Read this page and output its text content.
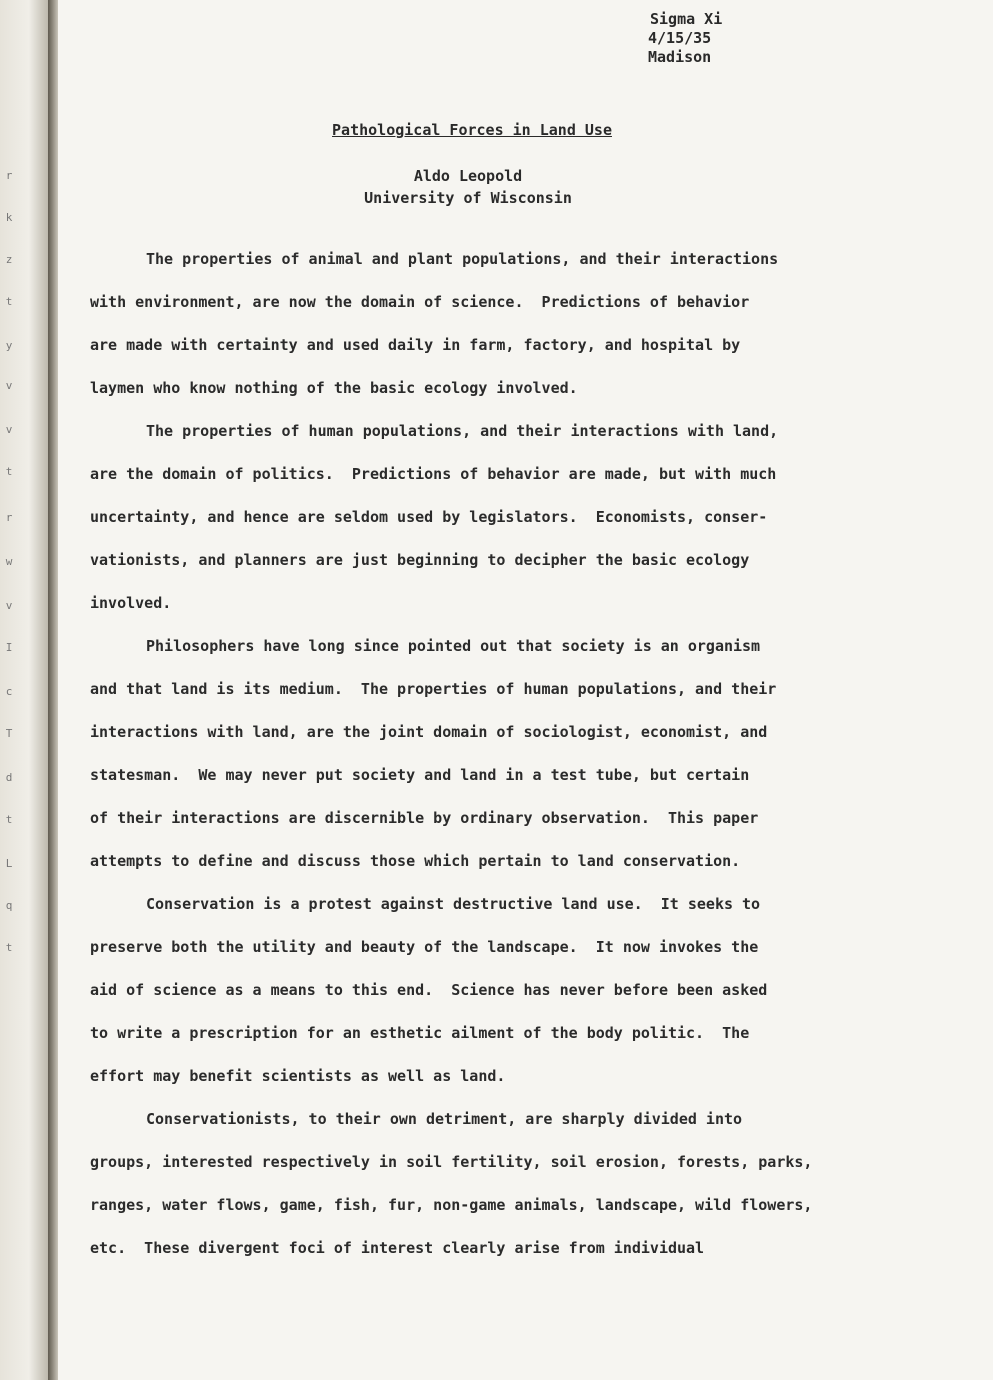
r
k
z
t
y
v
v
t
r
w
v
I
c
T
d
t
L
q
t
Sigma Xi
4/15/35
Madison
Pathological Forces in Land Use
Aldo Leopold
University of Wisconsin
The properties of animal and plant populations, and their interactions
with environment, are now the domain of science.  Predictions of behavior
are made with certainty and used daily in farm, factory, and hospital by
laymen who know nothing of the basic ecology involved.
The properties of human populations, and their interactions with land,
are the domain of politics.  Predictions of behavior are made, but with much
uncertainty, and hence are seldom used by legislators.  Economists, conser-
vationists, and planners are just beginning to decipher the basic ecology
involved.
Philosophers have long since pointed out that society is an organism
and that land is its medium.  The properties of human populations, and their
interactions with land, are the joint domain of sociologist, economist, and
statesman.  We may never put society and land in a test tube, but certain
of their interactions are discernible by ordinary observation.  This paper
attempts to define and discuss those which pertain to land conservation.
Conservation is a protest against destructive land use.  It seeks to
preserve both the utility and beauty of the landscape.  It now invokes the
aid of science as a means to this end.  Science has never before been asked
to write a prescription for an esthetic ailment of the body politic.  The
effort may benefit scientists as well as land.
Conservationists, to their own detriment, are sharply divided into
groups, interested respectively in soil fertility, soil erosion, forests, parks,
ranges, water flows, game, fish, fur, non-game animals, landscape, wild flowers,
etc.  These divergent foci of interest clearly arise from individual
